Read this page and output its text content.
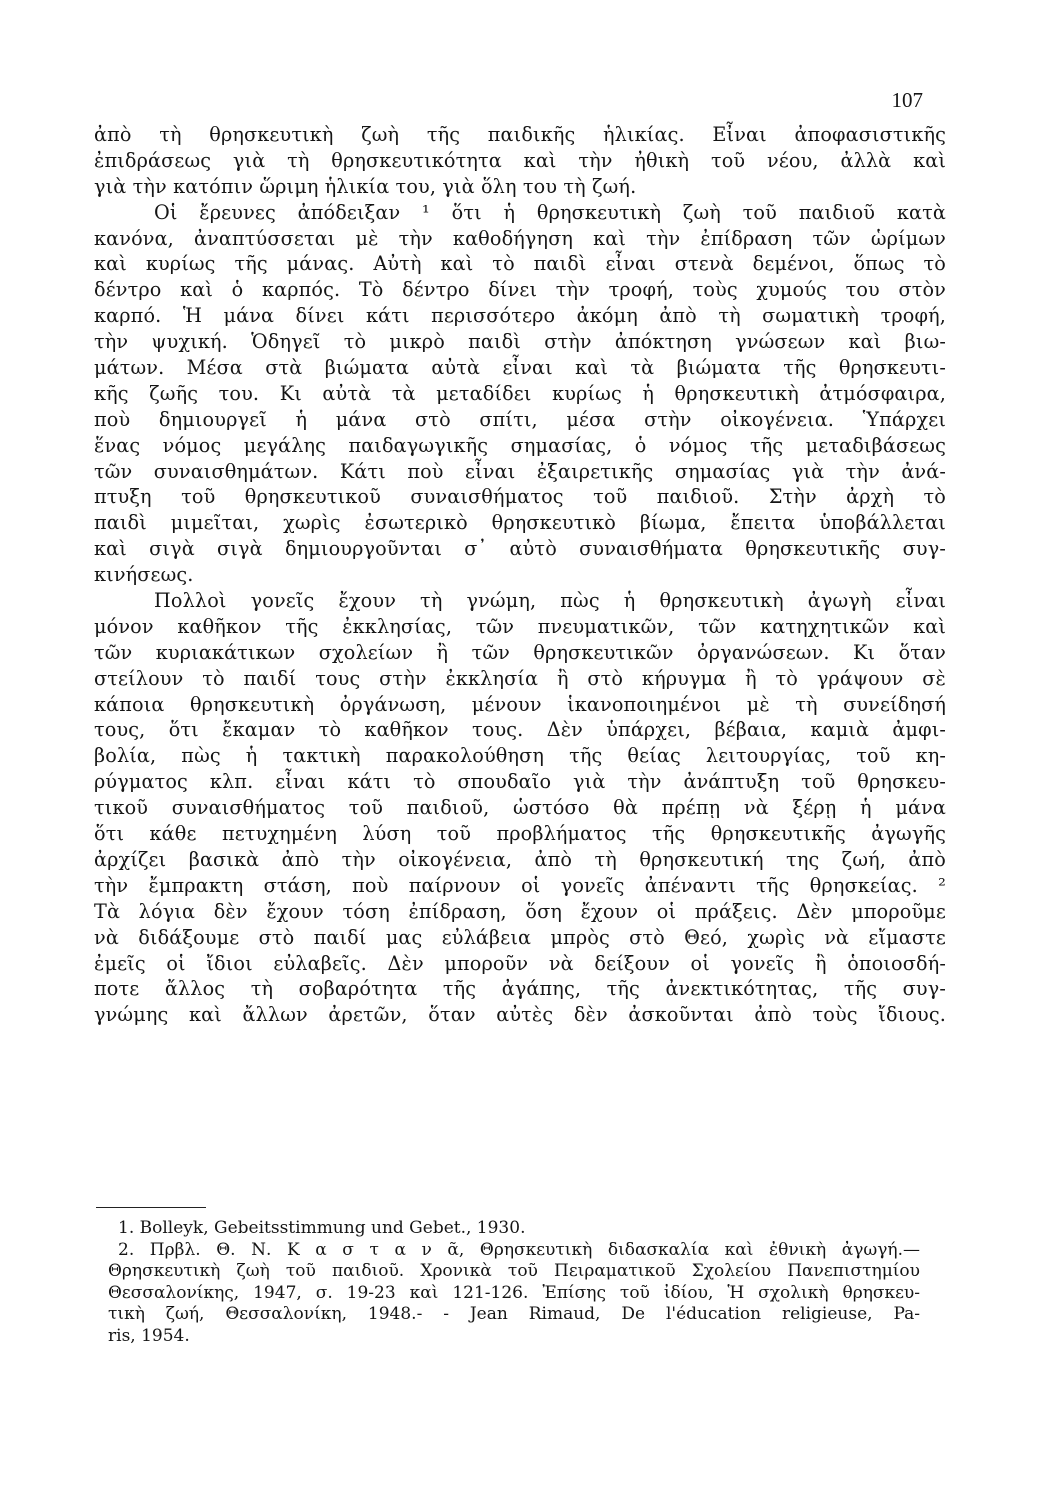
107
ἀπὸ τὴ θρησκευτικὴ ζωὴ τῆς παιδικῆς ἡλικίας. Εἶναι ἀποφασιστικῆς
ἐπιδράσεως γιὰ τὴ θρησκευτικότητα καὶ τὴν ἠθικὴ τοῦ νέου, ἀλλὰ καὶ
γιὰ τὴν κατόπιν ὥριμη ἡλικία του, γιὰ ὅλη του τὴ ζωή.
Οἱ ἔρευνες ἀπόδειξαν ¹ ὅτι ἡ θρησκευτικὴ ζωὴ τοῦ παιδιοῦ κατὰ
κανόνα, ἀναπτύσσεται μὲ τὴν καθοδήγηση καὶ τὴν ἐπίδραση τῶν ὡρίμων
καὶ κυρίως τῆς μάνας. Αὐτὴ καὶ τὸ παιδὶ εἶναι στενὰ δεμένοι, ὅπως τὸ
δέντρο καὶ ὁ καρπός. Τὸ δέντρο δίνει τὴν τροφή, τοὺς χυμούς του στὸν
καρπό. Ἡ μάνα δίνει κάτι περισσότερο ἀκόμη ἀπὸ τὴ σωματικὴ τροφή,
τὴν ψυχική. Ὁδηγεῖ τὸ μικρὸ παιδὶ στὴν ἀπόκτηση γνώσεων καὶ βιω-
μάτων. Μέσα στὰ βιώματα αὐτὰ εἶναι καὶ τὰ βιώματα τῆς θρησκευτι-
κῆς ζωῆς του. Κι αὐτὰ τὰ μεταδίδει κυρίως ἡ θρησκευτικὴ ἀτμόσφαιρα,
ποὺ δημιουργεῖ ἡ μάνα στὸ σπίτι, μέσα στὴν οἰκογένεια. Ὑπάρχει
ἕνας νόμος μεγάλης παιδαγωγικῆς σημασίας, ὁ νόμος τῆς μεταδιβάσεως
τῶν συναισθημάτων. Κάτι ποὺ εἶναι ἐξαιρετικῆς σημασίας γιὰ τὴν ἀνά-
πτυξη τοῦ θρησκευτικοῦ συναισθήματος τοῦ παιδιοῦ. Στὴν ἀρχὴ τὸ
παιδὶ μιμεῖται, χωρὶς ἐσωτερικὸ θρησκευτικὸ βίωμα, ἔπειτα ὑποβάλλεται
καὶ σιγὰ σιγὰ δημιουργοῦνται σ᾿ αὐτὸ συναισθήματα θρησκευτικῆς συγ-
κινήσεως.
Πολλοὶ γονεῖς ἔχουν τὴ γνώμη, πὼς ἡ θρησκευτικὴ ἀγωγὴ εἶναι
μόνον καθῆκον τῆς ἐκκλησίας, τῶν πνευματικῶν, τῶν κατηχητικῶν καὶ
τῶν κυριακάτικων σχολείων ἢ τῶν θρησκευτικῶν ὀργανώσεων. Κι ὅταν
στείλουν τὸ παιδί τους στὴν ἐκκλησία ἢ στὸ κήρυγμα ἢ τὸ γράψουν σὲ
κάποια θρησκευτικὴ ὀργάνωση, μένουν ἱκανοποιημένοι μὲ τὴ συνείδησή
τους, ὅτι ἔκαμαν τὸ καθῆκον τους. Δὲν ὑπάρχει, βέβαια, καμιὰ ἀμφι-
βολία, πὼς ἡ τακτικὴ παρακολούθηση τῆς θείας λειτουργίας, τοῦ κη-
ρύγματος κλπ. εἶναι κάτι τὸ σπουδαῖο γιὰ τὴν ἀνάπτυξη τοῦ θρησκευ-
τικοῦ συναισθήματος τοῦ παιδιοῦ, ὡστόσο θὰ πρέπῃ νὰ ξέρῃ ἡ μάνα
ὅτι κάθε πετυχημένη λύση τοῦ προβλήματος τῆς θρησκευτικῆς ἀγωγῆς
ἀρχίζει βασικὰ ἀπὸ τὴν οἰκογένεια, ἀπὸ τὴ θρησκευτική της ζωή, ἀπὸ
τὴν ἔμπρακτη στάση, ποὺ παίρνουν οἱ γονεῖς ἀπέναντι τῆς θρησκείας. ²
Τὰ λόγια δὲν ἔχουν τόση ἐπίδραση, ὅση ἔχουν οἱ πράξεις. Δὲν μποροῦμε
νὰ διδάξουμε στὸ παιδί μας εὐλάβεια μπρὸς στὸ Θεό, χωρὶς νὰ εἴμαστε
ἐμεῖς οἱ ἴδιοι εὐλαβεῖς. Δὲν μποροῦν νὰ δείξουν οἱ γονεῖς ἢ ὁποιοσδή-
ποτε ἄλλος τὴ σοβαρότητα τῆς ἀγάπης, τῆς ἀνεκτικότητας, τῆς συγ-
γνώμης καὶ ἄλλων ἀρετῶν, ὅταν αὐτὲς δὲν ἀσκοῦνται ἀπὸ τοὺς ἴδιους.
1. Bolleyk, Gebeitsstimmung und Gebet., 1930.
2. Πρβλ. Θ. Ν. Κ α σ τ α ν ᾶ, Θρησκευτικὴ διδασκαλία καὶ ἐθνικὴ ἀγωγή.—
Θρησκευτικὴ ζωὴ τοῦ παιδιοῦ. Χρονικὰ τοῦ Πειραματικοῦ Σχολείου Πανεπιστημίου
Θεσσαλονίκης, 1947, σ. 19-23 καὶ 121-126. Ἐπίσης τοῦ ἰδίου, Ἡ σχολικὴ θρησκευ-
τικὴ ζωή, Θεσσαλονίκη, 1948.- - Jean Rimaud, De l'éducation religieuse, Pa-
ris, 1954.
